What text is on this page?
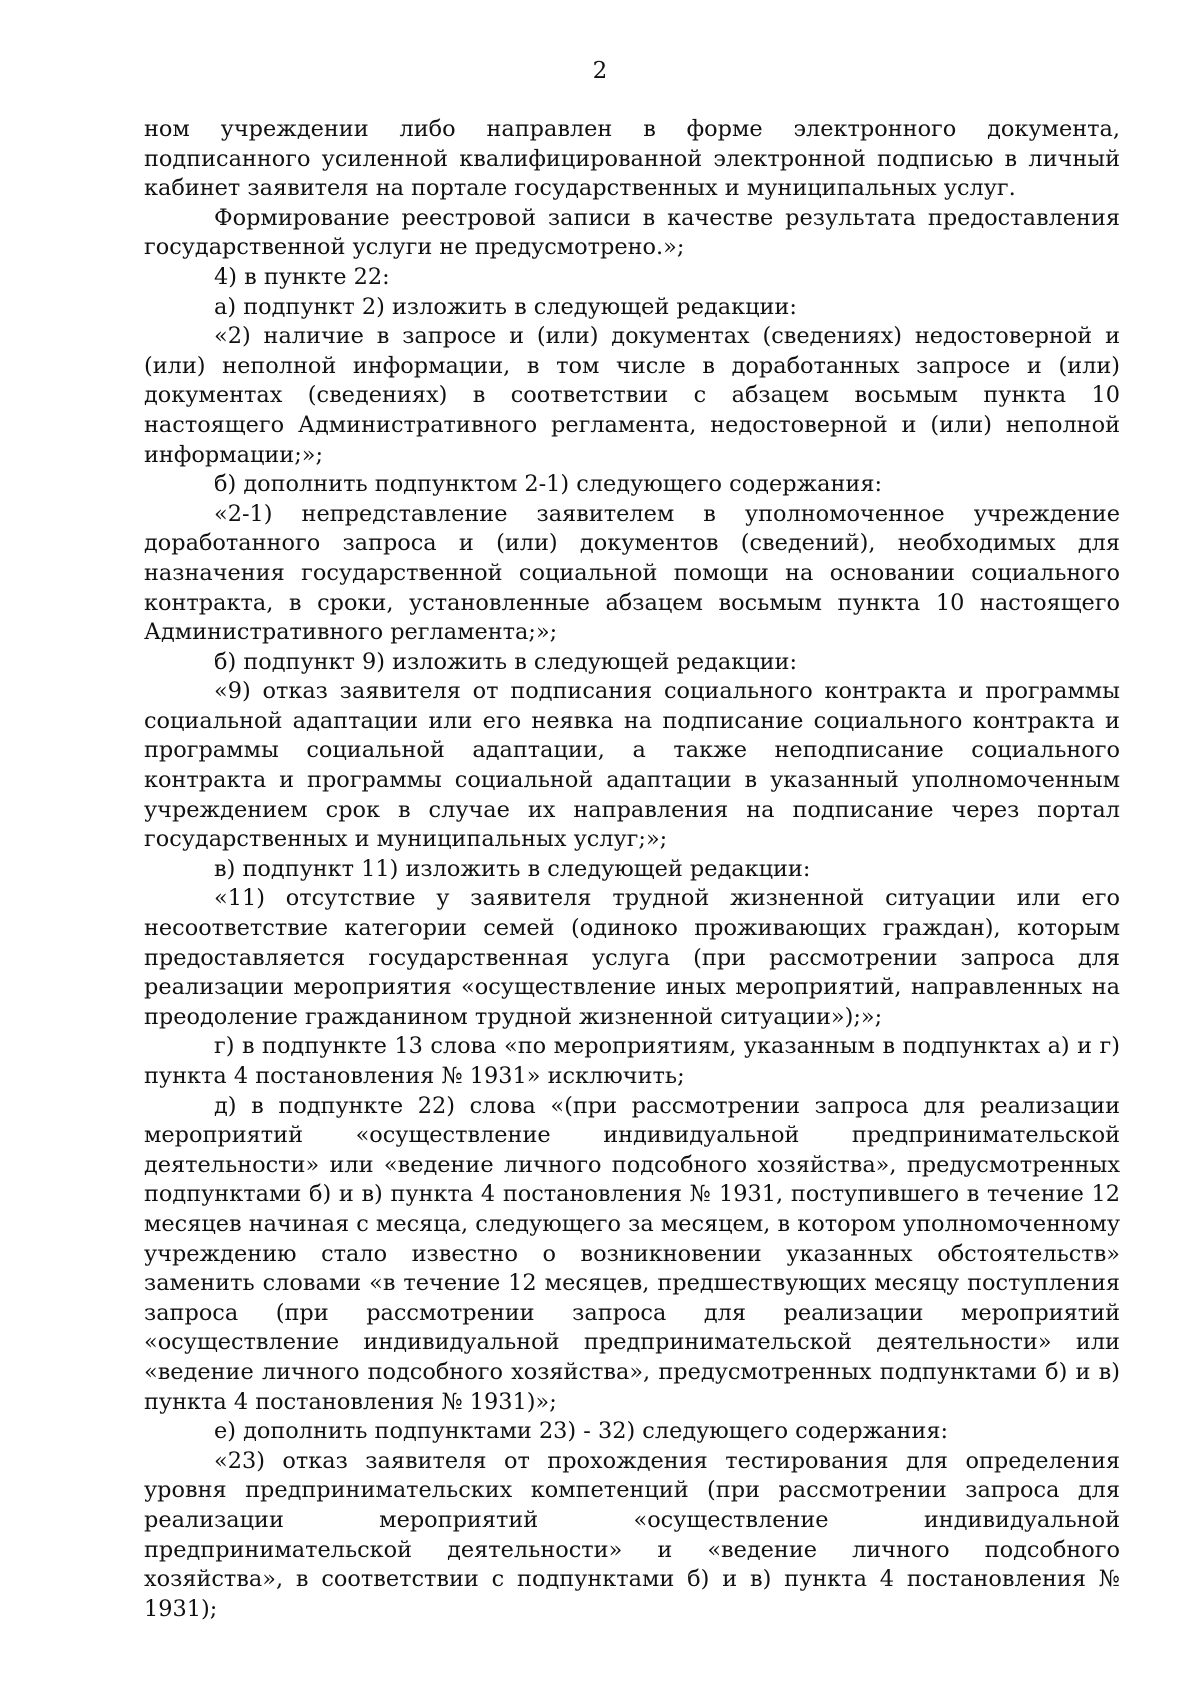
2

ном учреждении либо направлен в форме электронного документа, подписанного усиленной квалифицированной электронной подписью в личный кабинет заявителя на портале государственных и муниципальных услуг.

Формирование реестровой записи в качестве результата предоставления государственной услуги не предусмотрено.»;

4) в пункте 22:

а) подпункт 2) изложить в следующей редакции:

«2) наличие в запросе и (или) документах (сведениях) недостоверной и (или) неполной информации, в том числе в доработанных запросе и (или) документах (сведениях) в соответствии с абзацем восьмым пункта 10 настоящего Административного регламента, недостоверной и (или) неполной информации;»;

б) дополнить подпунктом 2-1) следующего содержания:

«2-1) непредставление заявителем в уполномоченное учреждение доработанного запроса и (или) документов (сведений), необходимых для назначения государственной социальной помощи на основании социального контракта, в сроки, установленные абзацем восьмым пункта 10 настоящего Административного регламента;»;

б) подпункт 9) изложить в следующей редакции:

«9) отказ заявителя от подписания социального контракта и программы социальной адаптации или его неявка на подписание социального контракта и программы социальной адаптации, а также неподписание социального контракта и программы социальной адаптации в указанный уполномоченным учреждением срок в случае их направления на подписание через портал государственных и муниципальных услуг;»;

в) подпункт 11) изложить в следующей редакции:

«11) отсутствие у заявителя трудной жизненной ситуации или его несоответствие категории семей (одиноко проживающих граждан), которым предоставляется государственная услуга (при рассмотрении запроса для реализации мероприятия «осуществление иных мероприятий, направленных на преодоление гражданином трудной жизненной ситуации»);»;

г) в подпункте 13 слова «по мероприятиям, указанным в подпунктах а) и г) пункта 4 постановления № 1931» исключить;

д) в подпункте 22) слова «(при рассмотрении запроса для реализации мероприятий «осуществление индивидуальной предпринимательской деятельности» или «ведение личного подсобного хозяйства», предусмотренных подпунктами б) и в) пункта 4 постановления № 1931, поступившего в течение 12 месяцев начиная с месяца, следующего за месяцем, в котором уполномоченному учреждению стало известно о возникновении указанных обстоятельств» заменить словами «в течение 12 месяцев, предшествующих месяцу поступления запроса (при рассмотрении запроса для реализации мероприятий «осуществление индивидуальной предпринимательской деятельности» или «ведение личного подсобного хозяйства», предусмотренных подпунктами б) и в) пункта 4 постановления № 1931)»;

е) дополнить подпунктами 23) - 32) следующего содержания:

«23) отказ заявителя от прохождения тестирования для определения уровня предпринимательских компетенций (при рассмотрении запроса для реализации мероприятий «осуществление индивидуальной предпринимательской деятельности» и «ведение личного подсобного хозяйства», в соответствии с подпунктами б) и в) пункта 4 постановления № 1931);
